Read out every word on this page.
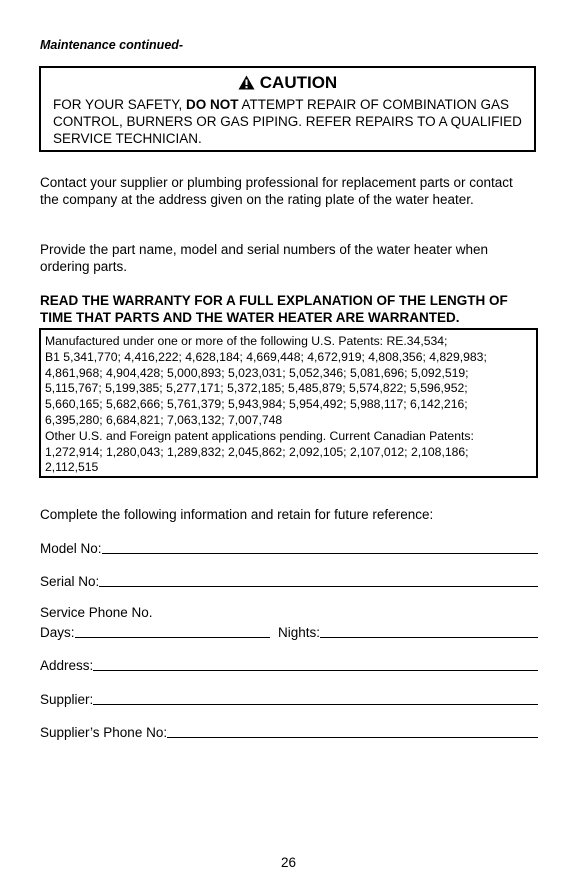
Maintenance continued-
CAUTION
FOR YOUR SAFETY, DO NOT ATTEMPT REPAIR OF COMBINATION GAS CONTROL, BURNERS OR GAS PIPING. REFER REPAIRS TO A QUALIFIED SERVICE TECHNICIAN.
Contact your supplier or plumbing professional for replacement parts or contact the company at the address given on the rating plate of the water heater.
Provide the part name, model and serial numbers of the water heater when ordering parts.
READ THE WARRANTY FOR A FULL EXPLANATION OF THE LENGTH OF TIME THAT PARTS AND THE WATER HEATER ARE WARRANTED.
Manufactured under one or more of the following U.S. Patents: RE.34,534;
B1 5,341,770; 4,416,222; 4,628,184; 4,669,448; 4,672,919; 4,808,356; 4,829,983;
4,861,968; 4,904,428; 5,000,893; 5,023,031; 5,052,346; 5,081,696; 5,092,519;
5,115,767; 5,199,385; 5,277,171; 5,372,185; 5,485,879; 5,574,822; 5,596,952;
5,660,165; 5,682,666; 5,761,379; 5,943,984; 5,954,492; 5,988,117; 6,142,216;
6,395,280; 6,684,821; 7,063,132; 7,007,748
Other U.S. and Foreign patent applications pending. Current Canadian Patents:
1,272,914; 1,280,043; 1,289,832; 2,045,862; 2,092,105; 2,107,012; 2,108,186;
2,112,515
Complete the following information and retain for future reference:
Model No:
Serial No:
Service Phone No.
Days:	Nights:
Address:
Supplier:
Supplier’s Phone No:
26
